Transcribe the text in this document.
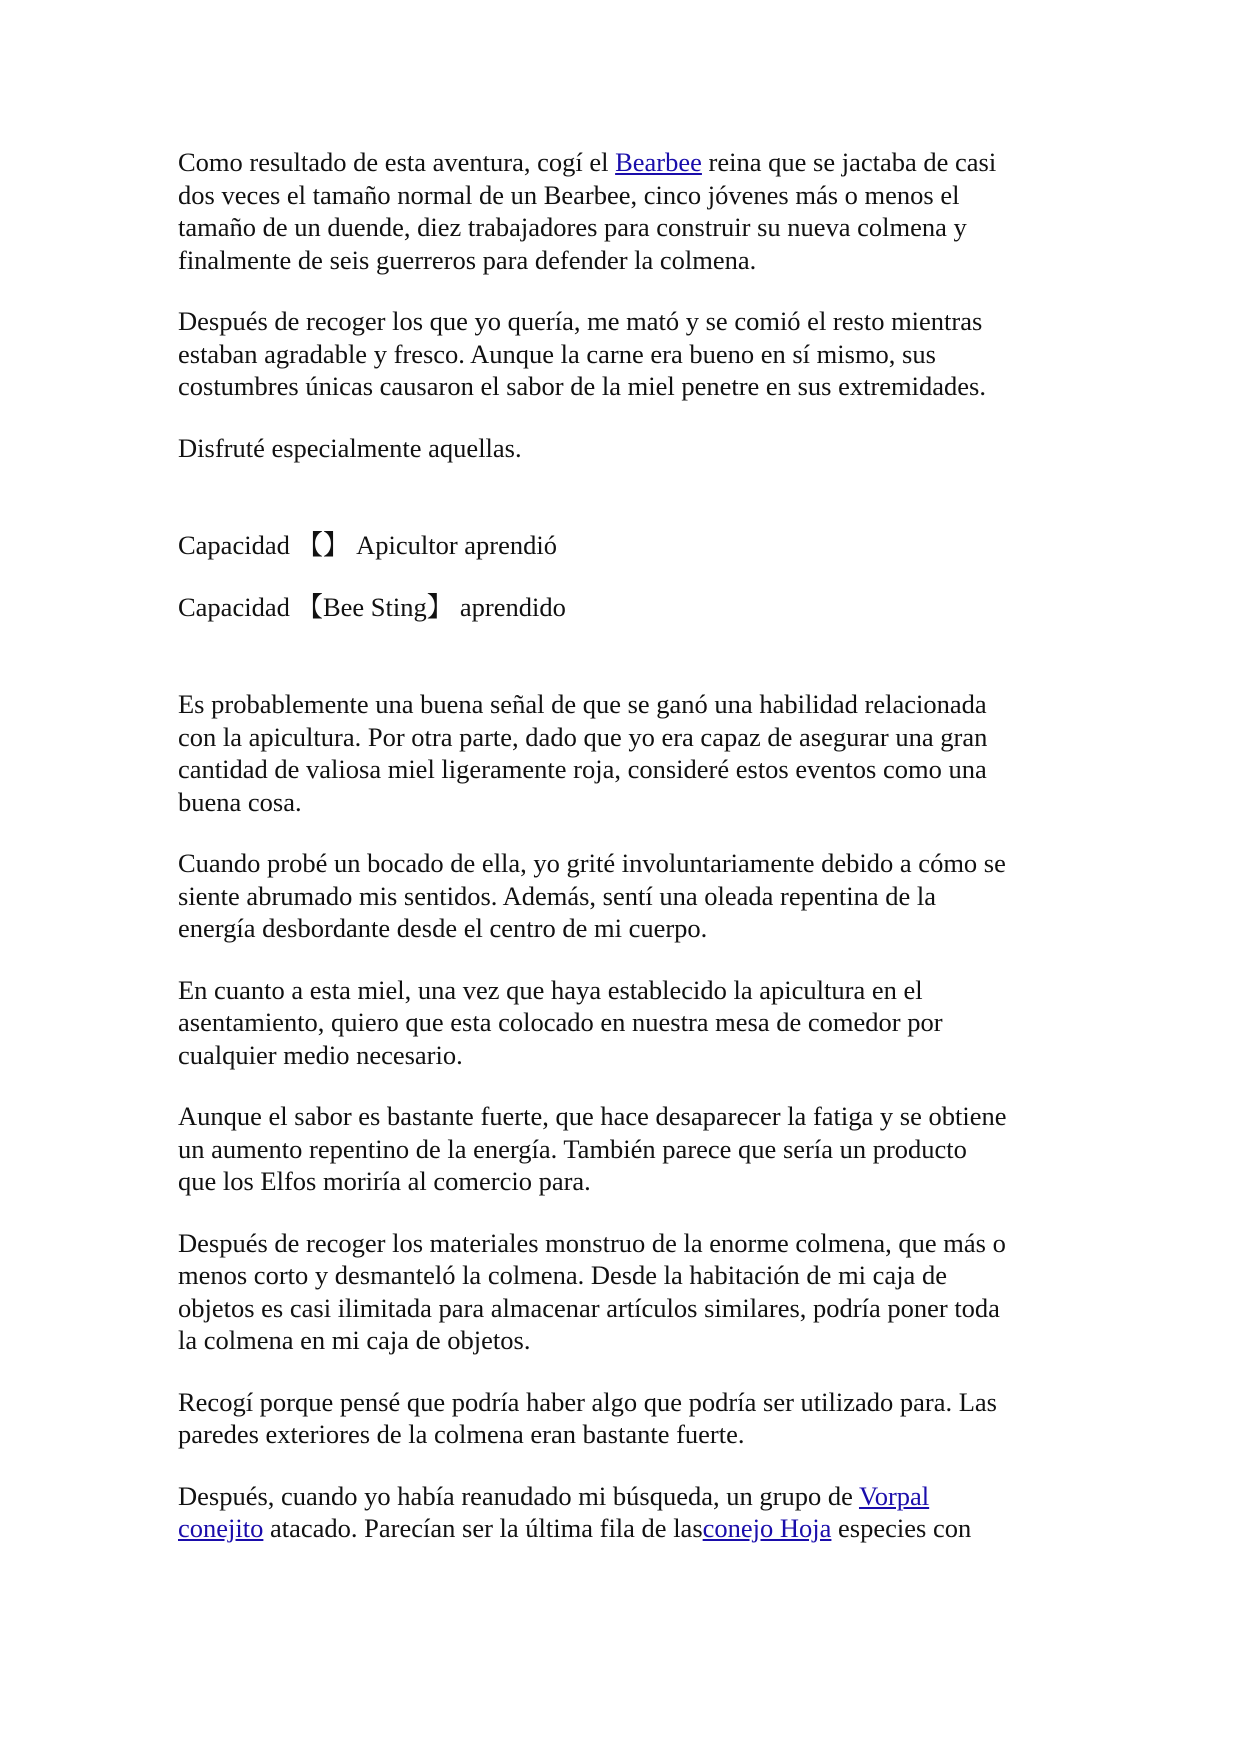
Como resultado de esta aventura, cogí el Bearbee reina que se jactaba de casi
dos veces el tamaño normal de un Bearbee, cinco jóvenes más o menos el
tamaño de un duende, diez trabajadores para construir su nueva colmena y
finalmente de seis guerreros para defender la colmena.

Después de recoger los que yo quería, me mató y se comió el resto mientras
estaban agradable y fresco. Aunque la carne era bueno en sí mismo, sus
costumbres únicas causaron el sabor de la miel penetre en sus extremidades.

Disfruté especialmente aquellas.

Capacidad 【】 Apicultor aprendió

Capacidad 【Bee Sting】 aprendido

Es probablemente una buena señal de que se ganó una habilidad relacionada
con la apicultura. Por otra parte, dado que yo era capaz de asegurar una gran
cantidad de valiosa miel ligeramente roja, consideré estos eventos como una
buena cosa.

Cuando probé un bocado de ella, yo grité involuntariamente debido a cómo se
siente abrumado mis sentidos. Además, sentí una oleada repentina de la
energía desbordante desde el centro de mi cuerpo.

En cuanto a esta miel, una vez que haya establecido la apicultura en el
asentamiento, quiero que esta colocado en nuestra mesa de comedor por
cualquier medio necesario.

Aunque el sabor es bastante fuerte, que hace desaparecer la fatiga y se obtiene
un aumento repentino de la energía. También parece que sería un producto
que los Elfos moriría al comercio para.

Después de recoger los materiales monstruo de la enorme colmena, que más o
menos corto y desmanteló la colmena. Desde la habitación de mi caja de
objetos es casi ilimitada para almacenar artículos similares, podría poner toda
la colmena en mi caja de objetos.

Recogí porque pensé que podría haber algo que podría ser utilizado para. Las
paredes exteriores de la colmena eran bastante fuerte.

Después, cuando yo había reanudado mi búsqueda, un grupo de Vorpal
conejito atacado. Parecían ser la última fila de lasconejo Hoja especies con
